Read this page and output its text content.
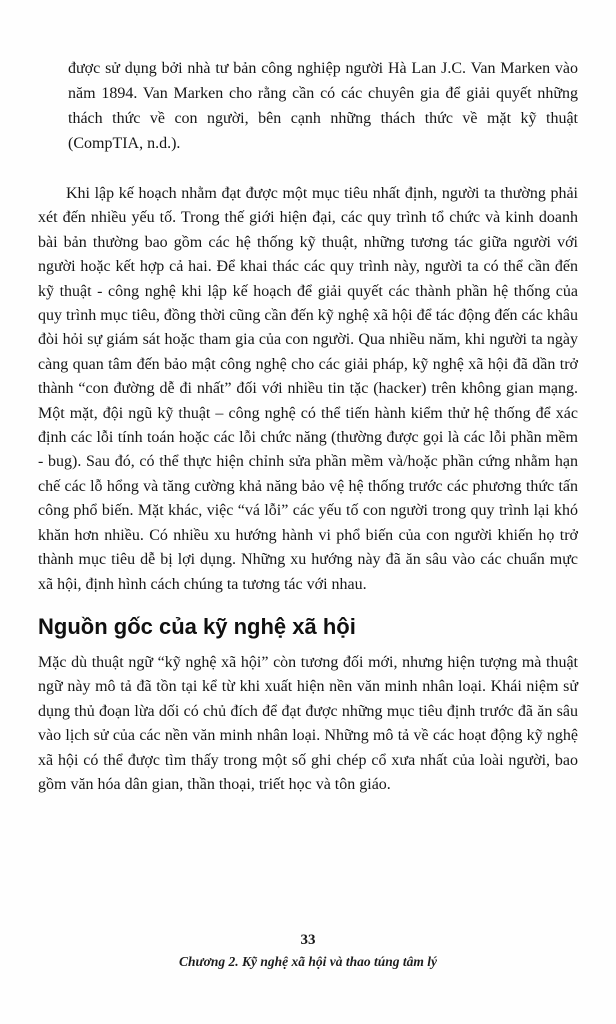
được sử dụng bởi nhà tư bản công nghiệp người Hà Lan J.C. Van Marken vào năm 1894. Van Marken cho rằng cần có các chuyên gia để giải quyết những thách thức về con người, bên cạnh những thách thức về mặt kỹ thuật (CompTIA, n.d.).

Khi lập kế hoạch nhằm đạt được một mục tiêu nhất định, người ta thường phải xét đến nhiều yếu tố. Trong thế giới hiện đại, các quy trình tổ chức và kinh doanh bài bản thường bao gồm các hệ thống kỹ thuật, những tương tác giữa người với người hoặc kết hợp cả hai. Để khai thác các quy trình này, người ta có thể cần đến kỹ thuật - công nghệ khi lập kế hoạch để giải quyết các thành phần hệ thống của quy trình mục tiêu, đồng thời cũng cần đến kỹ nghệ xã hội để tác động đến các khâu đòi hỏi sự giám sát hoặc tham gia của con người. Qua nhiều năm, khi người ta ngày càng quan tâm đến bảo mật công nghệ cho các giải pháp, kỹ nghệ xã hội đã dần trở thành “con đường dễ đi nhất” đối với nhiều tin tặc (hacker) trên không gian mạng. Một mặt, đội ngũ kỹ thuật – công nghệ có thể tiến hành kiểm thử hệ thống để xác định các lỗi tính toán hoặc các lỗi chức năng (thường được gọi là các lỗi phần mềm - bug). Sau đó, có thể thực hiện chỉnh sửa phần mềm và/hoặc phần cứng nhằm hạn chế các lỗ hổng và tăng cường khả năng bảo vệ hệ thống trước các phương thức tấn công phổ biến. Mặt khác, việc “vá lỗi” các yếu tố con người trong quy trình lại khó khăn hơn nhiều. Có nhiều xu hướng hành vi phổ biến của con người khiến họ trở thành mục tiêu dễ bị lợi dụng. Những xu hướng này đã ăn sâu vào các chuẩn mực xã hội, định hình cách chúng ta tương tác với nhau.

Nguồn gốc của kỹ nghệ xã hội

Mặc dù thuật ngữ “kỹ nghệ xã hội” còn tương đối mới, nhưng hiện tượng mà thuật ngữ này mô tả đã tồn tại kể từ khi xuất hiện nền văn minh nhân loại. Khái niệm sử dụng thủ đoạn lừa dối có chủ đích để đạt được những mục tiêu định trước đã ăn sâu vào lịch sử của các nền văn minh nhân loại. Những mô tả về các hoạt động kỹ nghệ xã hội có thể được tìm thấy trong một số ghi chép cổ xưa nhất của loài người, bao gồm văn hóa dân gian, thần thoại, triết học và tôn giáo.

33
Chương 2. Kỹ nghệ xã hội và thao túng tâm lý
